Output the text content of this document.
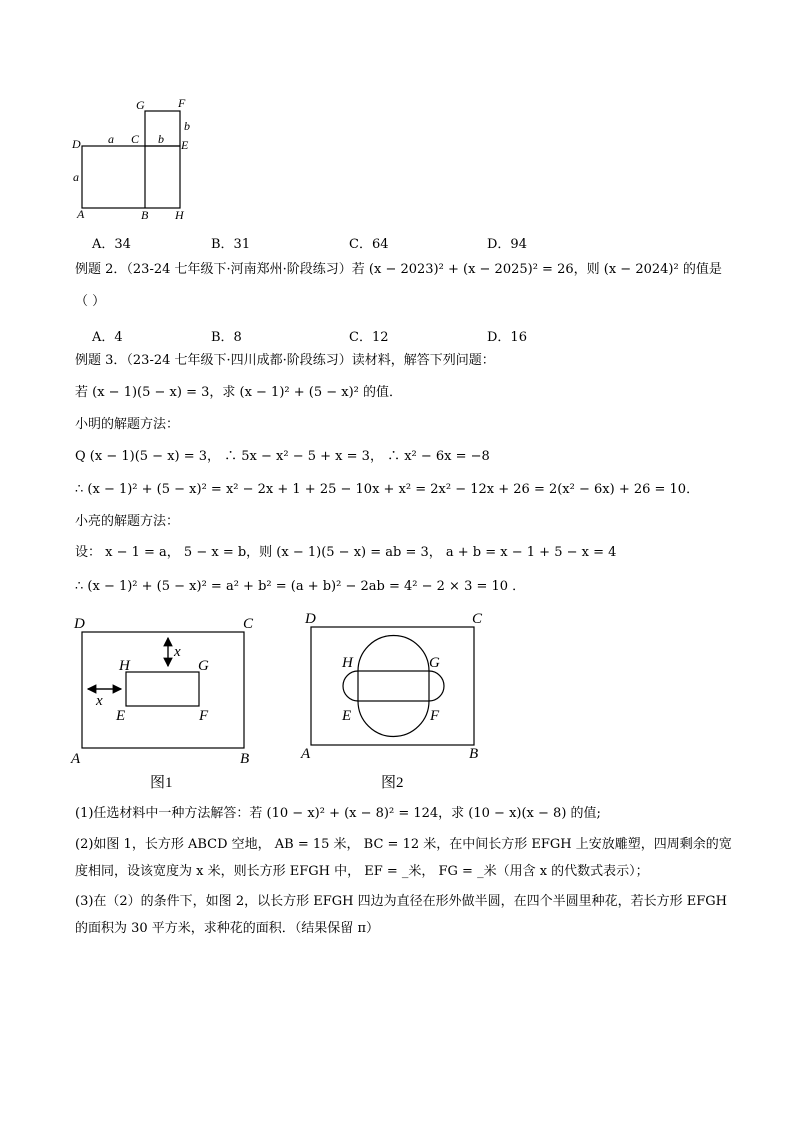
G	F
b
D a C b E
a
A	B H
A．34	B．31	C．64	D．94
例题 2．（23-24 七年级下·河南郑州·阶段练习）若 (x − 2023)² + (x − 2025)² = 26，则 (x − 2024)² 的值是
（ ）
A．4	B．8	C．12	D．16
例题 3．（23-24 七年级下·四川成都·阶段练习）读材料，解答下列问题：
若 (x − 1)(5 − x) = 3，求 (x − 1)² + (5 − x)² 的值．
小明的解题方法：
Q (x − 1)(5 − x) = 3， ∴ 5x − x² − 5 + x = 3， ∴ x² − 6x = −8
∴ (x − 1)² + (5 − x)² = x² − 2x + 1 + 25 − 10x + x² = 2x² − 12x + 26 = 2(x² − 6x) + 26 = 10．
小亮的解题方法：
设： x − 1 = a， 5 − x = b，则 (x − 1)(5 − x) = ab = 3， a + b = x − 1 + 5 − x = 4
∴ (x − 1)² + (5 − x)² = a² + b² = (a + b)² − 2ab = 4² − 2 × 3 = 10 ．
D	C
x
H	G
x
E	F
A	B
图1
D	C
H	G
E	F
A	B
图2
(1)任选材料中一种方法解答：若 (10 − x)² + (x − 8)² = 124，求 (10 − x)(x − 8) 的值;
(2)如图 1，长方形 ABCD 空地， AB = 15 米， BC = 12 米，在中间长方形 EFGH 上安放雕塑，四周剩余的宽
度相同，设该宽度为 x 米，则长方形 EFGH 中， EF = _米， FG = _米（用含 x 的代数式表示）；
(3)在（2）的条件下，如图 2，以长方形 EFGH 四边为直径在形外做半圆，在四个半圆里种花，若长方形 EFGH
的面积为 30 平方米，求种花的面积．（结果保留 π）
